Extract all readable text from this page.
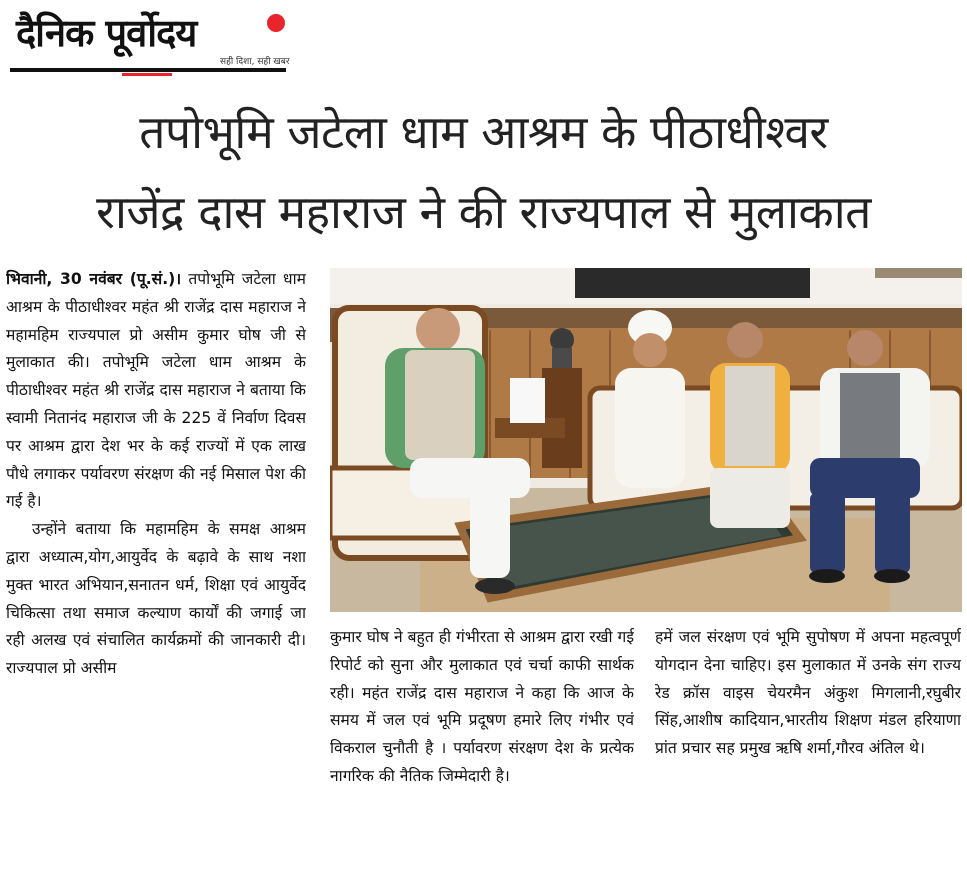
दैनिक पूर्वोदय
सही दिशा, सही खबर
तपोभूमि जटेला धाम आश्रम के पीठाधीश्वर
राजेंद्र दास महाराज ने की राज्यपाल से मुलाकात

भिवानी, 30 नवंबर (पू.सं.)। तपोभूमि जटेला धाम आश्रम के पीठाधीश्वर महंत श्री राजेंद्र दास महाराज ने महामहिम राज्यपाल प्रो असीम कुमार घोष जी से मुलाकात की। तपोभूमि जटेला धाम आश्रम के पीठाधीश्वर महंत श्री राजेंद्र दास महाराज ने बताया कि स्वामी नितानंद महाराज जी के 225 वें निर्वाण दिवस पर आश्रम द्वारा देश भर के कई राज्यों में एक लाख पौधे लगाकर पर्यावरण संरक्षण की नई मिसाल पेश की गई है।

उन्होंने बताया कि महामहिम के समक्ष आश्रम द्वारा अध्यात्म,योग,आयुर्वेद के बढ़ावे के साथ नशा मुक्त भारत अभियान,सनातन धर्म, शिक्षा एवं आयुर्वेद चिकित्सा तथा समाज कल्याण कार्यों की जगाई जा रही अलख एवं संचालित कार्यक्रमों की जानकारी दी। राज्यपाल प्रो असीम

कुमार घोष ने बहुत ही गंभीरता से आश्रम द्वारा रखी गई रिपोर्ट को सुना और मुलाकात एवं चर्चा काफी सार्थक रही। महंत राजेंद्र दास महाराज ने कहा कि आज के समय में जल एवं भूमि प्रदूषण हमारे लिए गंभीर एवं विकराल चुनौती है । पर्यावरण संरक्षण देश के प्रत्येक नागरिक की नैतिक जिम्मेदारी है।

हमें जल संरक्षण एवं भूमि सुपोषण में अपना महत्वपूर्ण योगदान देना चाहिए। इस मुलाकात में उनके संग राज्य रेड क्रॉस वाइस चेयरमैन अंकुश मिगलानी,रघुबीर सिंह,आशीष कादियान,भारतीय शिक्षण मंडल हरियाणा प्रांत प्रचार सह प्रमुख ऋषि शर्मा,गौरव अंतिल थे।
